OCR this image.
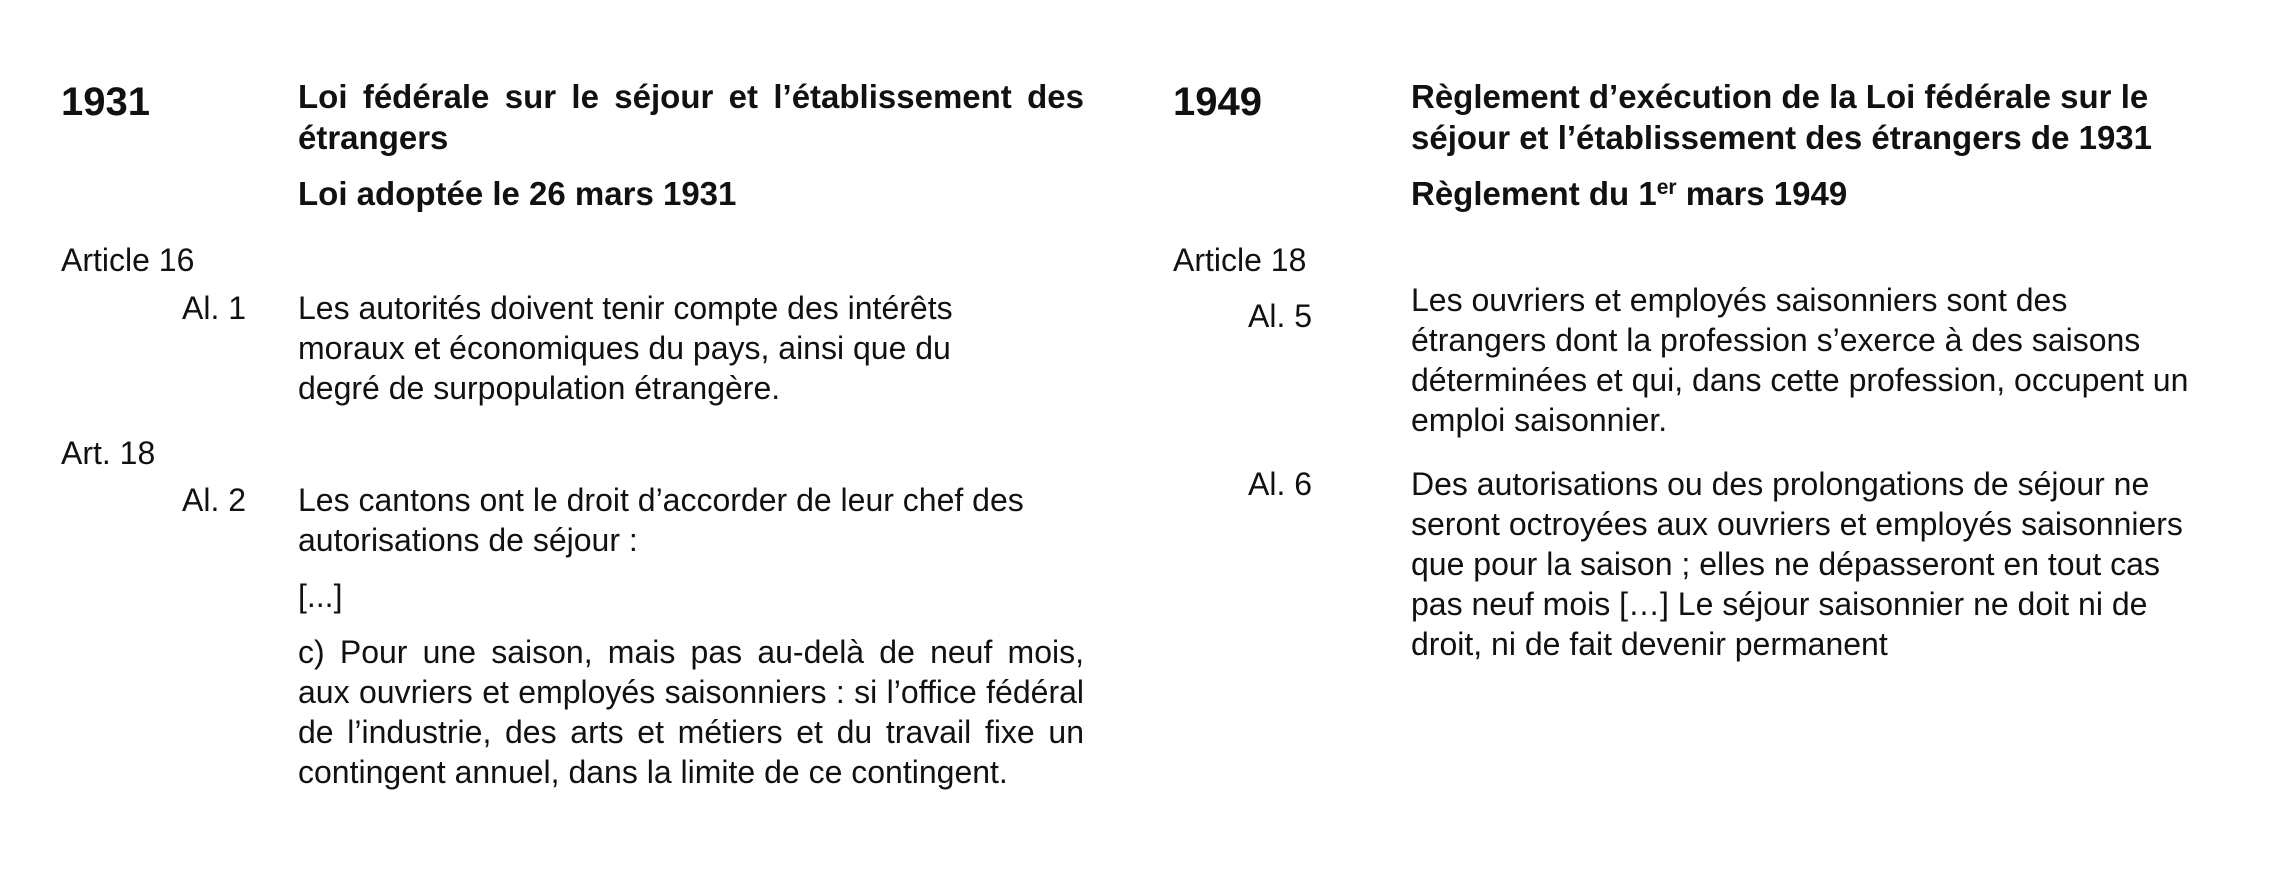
1931	Loi fédérale sur le séjour et l’établissement des étrangers
Loi adoptée le 26 mars 1931
Article 16
Al. 1 Les autorités doivent tenir compte des intérêts moraux et économiques du pays, ainsi que du degré de surpopulation étrangère.
Art. 18
Al. 2 Les cantons ont le droit d’accorder de leur chef des autorisations de séjour :
[...]
c) Pour une saison, mais pas au-delà de neuf mois, aux ouvriers et employés saisonniers : si l’office fédéral de l’industrie, des arts et métiers et du travail fixe un contingent annuel, dans la limite de ce contingent.
1949	Règlement d’exécution de la Loi fédérale sur le séjour et l’établissement des étrangers de 1931
Règlement du 1er mars 1949
Article 18
Al. 5	Les ouvriers et employés saisonniers sont des étrangers dont la profession s’exerce à des saisons déterminées et qui, dans cette profession, occupent un emploi saisonnier.
Al. 6	Des autorisations ou des prolongations de séjour ne seront octroyées aux ouvriers et employés saisonniers que pour la saison ; elles ne dépasseront en tout cas pas neuf mois […] Le séjour saisonnier ne doit ni de droit, ni de fait devenir permanent
